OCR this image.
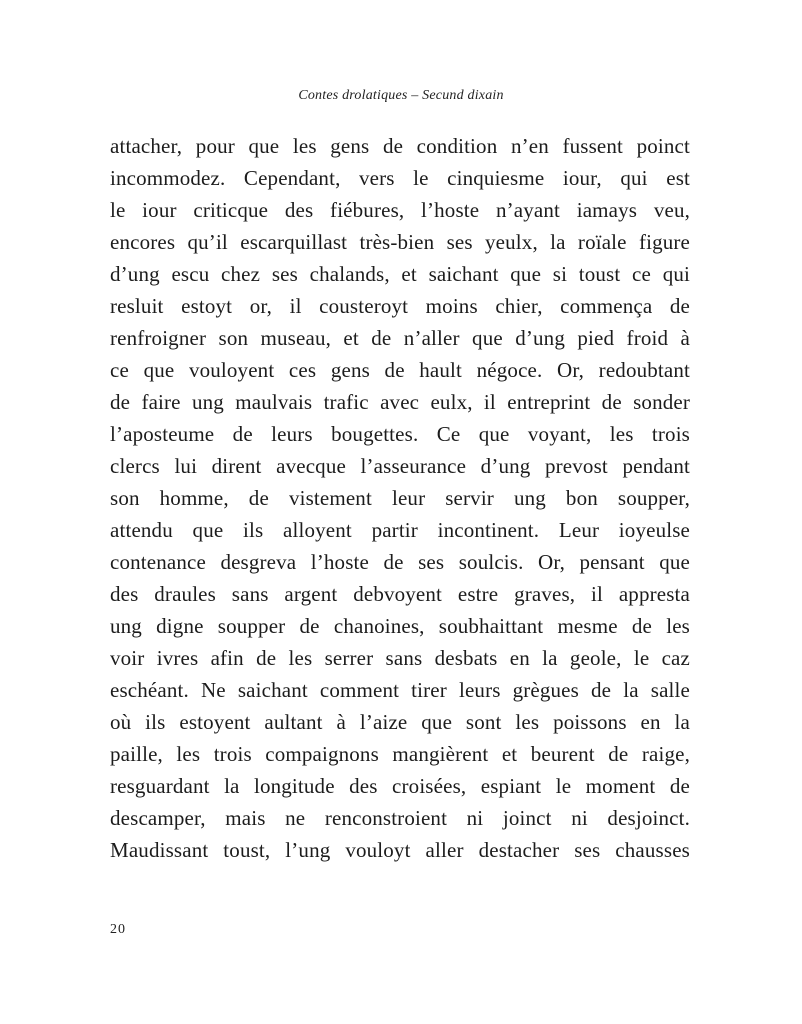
Contes drolatiques – Secund dixain

attacher, pour que les gens de condition n’en fussent poinct
incommodez. Cependant, vers le cinquiesme iour, qui est
le iour criticque des fiébures, l’hoste n’ayant iamays veu,
encores qu’il escarquillast très-bien ses yeulx, la roïale figure
d’ung escu chez ses chalands, et saichant que si toust ce qui
resluit estoyt or, il cousteroyt moins chier, commença de
renfroigner son museau, et de n’aller que d’ung pied froid à
ce que vouloyent ces gens de hault négoce. Or, redoubtant
de faire ung maulvais trafic avec eulx, il entreprint de sonder
l’aposteume de leurs bougettes. Ce que voyant, les trois
clercs lui dirent avecque l’asseurance d’ung prevost pendant
son homme, de vistement leur servir ung bon soupper,
attendu que ils alloyent partir incontinent. Leur ioyeulse
contenance desgreva l’hoste de ses soulcis. Or, pensant que
des draules sans argent debvoyent estre graves, il appresta
ung digne soupper de chanoines, soubhaittant mesme de les
voir ivres afin de les serrer sans desbats en la geole, le caz
eschéant. Ne saichant comment tirer leurs grègues de la salle
où ils estoyent aultant à l’aize que sont les poissons en la
paille, les trois compaignons mangièrent et beurent de raige,
resguardant la longitude des croisées, espiant le moment de
descamper, mais ne renconstroient ni joinct ni desjoinct.
Maudissant toust, l’ung vouloyt aller destacher ses chausses
20
